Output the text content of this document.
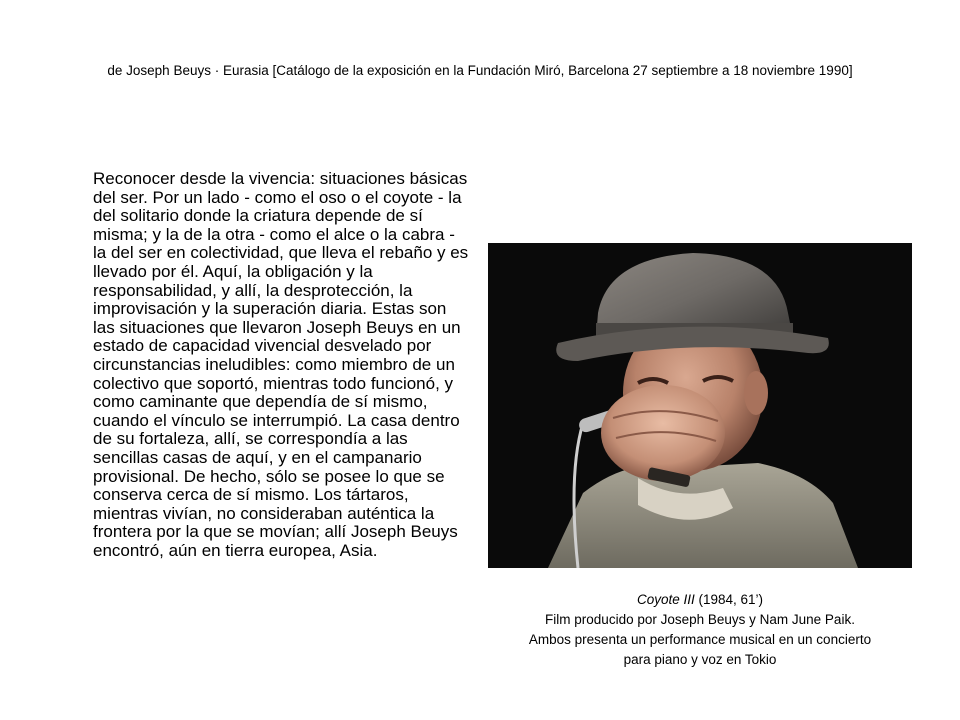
de Joseph Beuys · Eurasia [Catálogo de la exposición en la Fundación Miró, Barcelona 27 septiembre a 18 noviembre 1990]

Reconocer desde la vivencia: situaciones básicas del ser. Por un lado - como el oso o el coyote - la del solitario donde la criatura depende de sí misma; y la de la otra - como el alce o la cabra - la del ser en colectividad, que lleva el rebaño y es llevado por él. Aquí, la obligación y la responsabilidad, y allí, la desprotección, la improvisación y la superación diaria. Estas son las situaciones que llevaron Joseph Beuys en un estado de capacidad vivencial desvelado por circunstancias ineludibles: como miembro de un colectivo que soportó, mientras todo funcionó, y como caminante que dependía de sí mismo, cuando el vínculo se interrumpió. La casa dentro de su fortaleza, allí, se correspondía a las sencillas casas de aquí, y en el campanario provisional. De hecho, sólo se posee lo que se conserva cerca de sí mismo. Los tártaros, mientras vivían, no consideraban auténtica la frontera por la que se movían; allí Joseph Beuys encontró, aún en tierra europea, Asia.

Coyote III (1984, 61’)
Film producido por Joseph Beuys y Nam June Paik.
Ambos presenta un performance musical en un concierto
para piano y voz en Tokio
